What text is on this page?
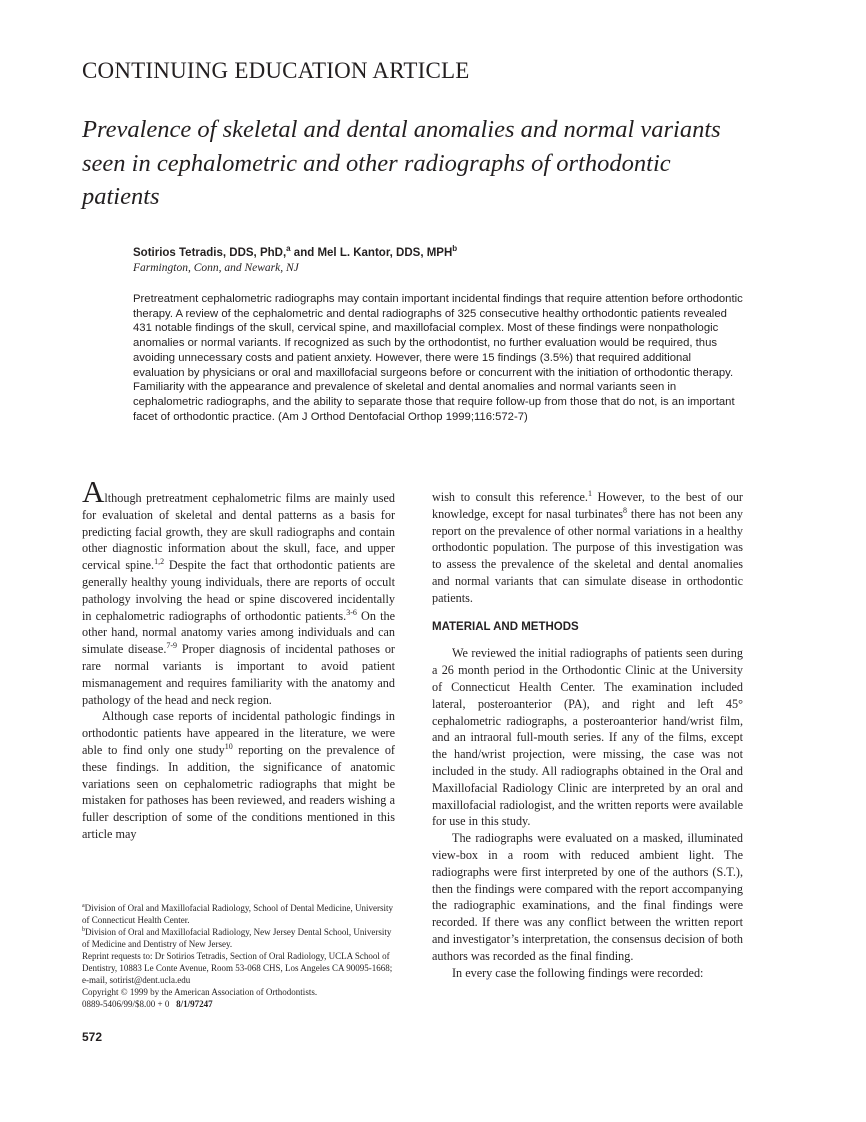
CONTINUING EDUCATION ARTICLE
Prevalence of skeletal and dental anomalies and normal variants seen in cephalometric and other radiographs of orthodontic patients
Sotirios Tetradis, DDS, PhD,$^a$ and Mel L. Kantor, DDS, MPH$^b$
Farmington, Conn, and Newark, NJ
Pretreatment cephalometric radiographs may contain important incidental findings that require attention before orthodontic therapy. A review of the cephalometric and dental radiographs of 325 consecutive healthy orthodontic patients revealed 431 notable findings of the skull, cervical spine, and maxillofacial complex. Most of these findings were nonpathologic anomalies or normal variants. If recognized as such by the orthodontist, no further evaluation would be required, thus avoiding unnecessary costs and patient anxiety. However, there were 15 findings (3.5%) that required additional evaluation by physicians or oral and maxillofacial surgeons before or concurrent with the initiation of orthodontic therapy. Familiarity with the appearance and prevalence of skeletal and dental anomalies and normal variants seen in cephalometric radiographs, and the ability to separate those that require follow-up from those that do not, is an important facet of orthodontic practice. (Am J Orthod Dentofacial Orthop 1999;116:572-7)

Although pretreatment cephalometric films are mainly used for evaluation of skeletal and dental patterns as a basis for predicting facial growth, they are skull radiographs and contain other diagnostic information about the skull, face, and upper cervical spine.$^{1,2}$ Despite the fact that orthodontic patients are generally healthy young individuals, there are reports of occult pathology involving the head or spine discovered incidentally in cephalometric radiographs of orthodontic patients.$^{3-6}$ On the other hand, normal anatomy varies among individuals and can simulate disease.$^{7-9}$ Proper diagnosis of incidental pathoses or rare normal variants is important to avoid patient mismanagement and requires familiarity with the anatomy and pathology of the head and neck region.

Although case reports of incidental pathologic findings in orthodontic patients have appeared in the literature, we were able to find only one study$^{10}$ reporting on the prevalence of these findings. In addition, the significance of anatomic variations seen on cephalometric radiographs that might be mistaken for pathoses has been reviewed, and readers wishing a fuller description of some of the conditions mentioned in this article may

wish to consult this reference.$^1$ However, to the best of our knowledge, except for nasal turbinates$^8$ there has not been any report on the prevalence of other normal variations in a healthy orthodontic population. The purpose of this investigation was to assess the prevalence of the skeletal and dental anomalies and normal variants that can simulate disease in orthodontic patients.

MATERIAL AND METHODS

We reviewed the initial radiographs of patients seen during a 26 month period in the Orthodontic Clinic at the University of Connecticut Health Center. The examination included lateral, posteroanterior (PA), and right and left 45° cephalometric radiographs, a posteroanterior hand/wrist film, and an intraoral full-mouth series. If any of the films, except the hand/wrist projection, were missing, the case was not included in the study. All radiographs obtained in the Oral and Maxillofacial Radiology Clinic are interpreted by an oral and maxillofacial radiologist, and the written reports were available for use in this study.

The radiographs were evaluated on a masked, illuminated view-box in a room with reduced ambient light. The radiographs were first interpreted by one of the authors (S.T.), then the findings were compared with the report accompanying the radiographic examinations, and the final findings were recorded. If there was any conflict between the written report and investigator’s interpretation, the consensus decision of both authors was recorded as the final finding.

In every case the following findings were recorded:

$^a$Division of Oral and Maxillofacial Radiology, School of Dental Medicine, University of Connecticut Health Center.

$^b$Division of Oral and Maxillofacial Radiology, New Jersey Dental School, University of Medicine and Dentistry of New Jersey.

Reprint requests to: Dr Sotirios Tetradis, Section of Oral Radiology, UCLA School of Dentistry, 10883 Le Conte Avenue, Room 53-068 CHS, Los Angeles CA 90095-1668; e-mail, sotirist@dent.ucla.edu

Copyright © 1999 by the American Association of Orthodontists.

0889-5406/99/$8.00 + 0 8/1/97247

572
